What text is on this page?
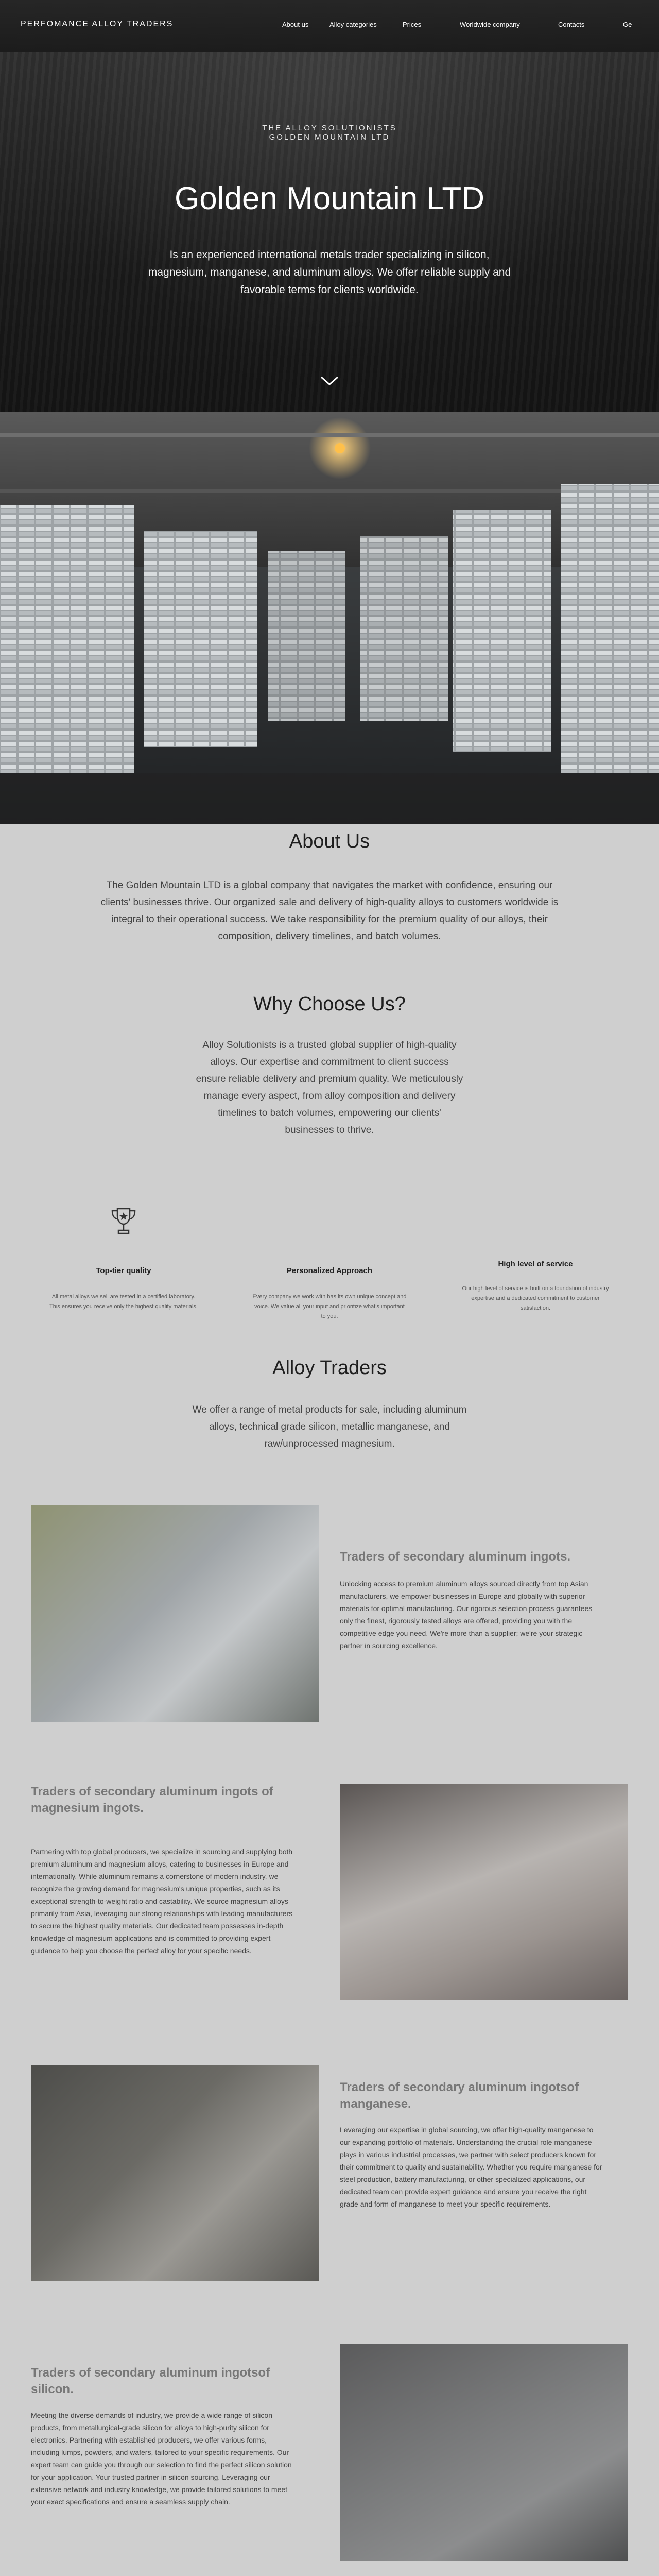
PERFOMANCE ALLOY TRADERS	About us	Alloy categories	Prices	Worldwide company	Contacts	Ge
THE ALLOY SOLUTIONISTS
GOLDEN MOUNTAIN LTD
Golden Mountain LTD
Is an experienced international metals trader specializing in silicon, magnesium, manganese, and aluminum alloys. We offer reliable supply and favorable terms for clients worldwide.
About Us
The Golden Mountain LTD is a global company that navigates the market with confidence, ensuring our clients' businesses thrive. Our organized sale and delivery of high-quality alloys to customers worldwide is integral to their operational success. We take responsibility for the premium quality of our alloys, their composition, delivery timelines, and batch volumes.
Why Choose Us?
Alloy Solutionists is a trusted global supplier of high-quality alloys. Our expertise and commitment to client success ensure reliable delivery and premium quality. We meticulously manage every aspect, from alloy composition and delivery timelines to batch volumes, empowering our clients' businesses to thrive.
Top-tier quality
All metal alloys we sell are tested in a certified laboratory. This ensures you receive only the highest quality materials.
Personalized Approach
Every company we work with has its own unique concept and voice. We value all your input and prioritize what's important to you.
High level of service
Our high level of service is built on a foundation of industry expertise and a dedicated commitment to customer satisfaction.
Alloy Traders
We offer a range of metal products for sale, including aluminum alloys, technical grade silicon, metallic manganese, and raw/unprocessed magnesium.
Traders of secondary aluminum ingots.
Unlocking access to premium aluminum alloys sourced directly from top Asian manufacturers, we empower businesses in Europe and globally with superior materials for optimal manufacturing. Our rigorous selection process guarantees only the finest, rigorously tested alloys are offered, providing you with the competitive edge you need. We're more than a supplier; we're your strategic partner in sourcing excellence.
Traders of secondary aluminum ingots of magnesium ingots.
Partnering with top global producers, we specialize in sourcing and supplying both premium aluminum and magnesium alloys, catering to businesses in Europe and internationally. While aluminum remains a cornerstone of modern industry, we recognize the growing demand for magnesium's unique properties, such as its exceptional strength-to-weight ratio and castability. We source magnesium alloys primarily from Asia, leveraging our strong relationships with leading manufacturers to secure the highest quality materials. Our dedicated team possesses in-depth knowledge of magnesium applications and is committed to providing expert guidance to help you choose the perfect alloy for your specific needs.
Traders of secondary aluminum ingotsof manganese.
Leveraging our expertise in global sourcing, we offer high-quality manganese to our expanding portfolio of materials. Understanding the crucial role manganese plays in various industrial processes, we partner with select producers known for their commitment to quality and sustainability. Whether you require manganese for steel production, battery manufacturing, or other specialized applications, our dedicated team can provide expert guidance and ensure you receive the right grade and form of manganese to meet your specific requirements.
Traders of secondary aluminum ingotsof silicon.
Meeting the diverse demands of industry, we provide a wide range of silicon products, from metallurgical-grade silicon for alloys to high-purity silicon for electronics. Partnering with established producers, we offer various forms, including lumps, powders, and wafers, tailored to your specific requirements. Our expert team can guide you through our selection to find the perfect silicon solution for your application. Your trusted partner in silicon sourcing. Leveraging our extensive network and industry knowledge, we provide tailored solutions to meet your exact specifications and ensure a seamless supply chain.
